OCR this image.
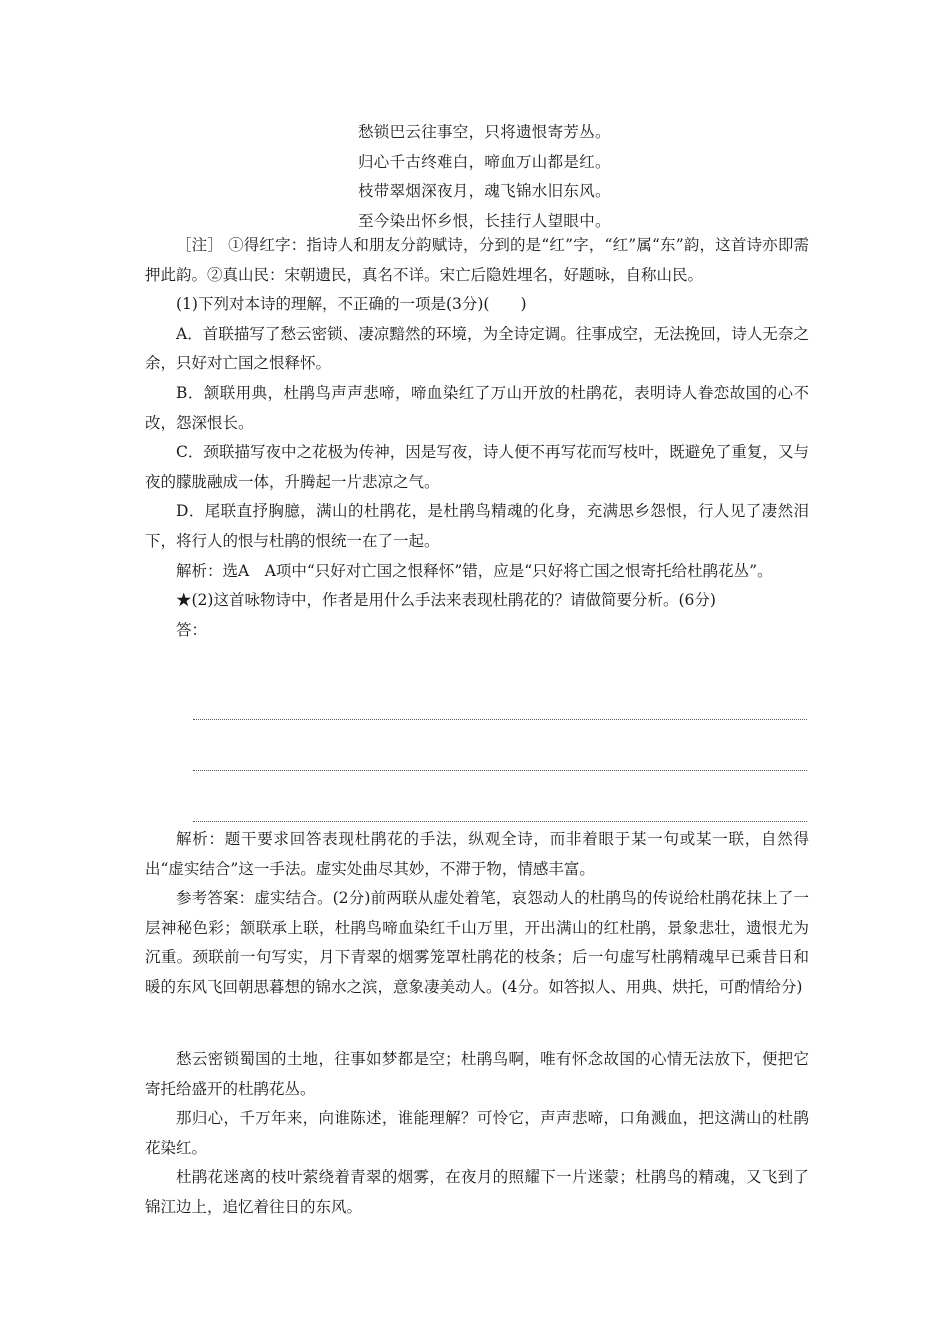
愁锁巴云往事空，只将遗恨寄芳丛。
归心千古终难白，啼血万山都是红。
枝带翠烟深夜月，魂飞锦水旧东风。
至今染出怀乡恨，长挂行人望眼中。

［注］ ①得红字：指诗人和朋友分韵赋诗，分到的是“红”字，“红”属“东”韵，这首诗亦即需押此韵。②真山民：宋朝遗民，真名不详。宋亡后隐姓埋名，好题咏，自称山民。

(1)下列对本诗的理解，不正确的一项是(3分)(　　)

A．首联描写了愁云密锁、凄凉黯然的环境，为全诗定调。往事成空，无法挽回，诗人无奈之余，只好对亡国之恨释怀。

B．颔联用典，杜鹃鸟声声悲啼，啼血染红了万山开放的杜鹃花，表明诗人眷恋故国的心不改，怨深恨长。

C．颈联描写夜中之花极为传神，因是写夜，诗人便不再写花而写枝叶，既避免了重复，又与夜的朦胧融成一体，升腾起一片悲凉之气。

D．尾联直抒胸臆，满山的杜鹃花，是杜鹃鸟精魂的化身，充满思乡怨恨，行人见了凄然泪下，将行人的恨与杜鹃的恨统一在了一起。

解析：选A　A项中“只好对亡国之恨释怀”错，应是“只好将亡国之恨寄托给杜鹃花丛”。

★(2)这首咏物诗中，作者是用什么手法来表现杜鹃花的？请做简要分析。(6分)

答：

解析：题干要求回答表现杜鹃花的手法，纵观全诗，而非着眼于某一句或某一联，自然得出“虚实结合”这一手法。虚实处曲尽其妙，不滞于物，情感丰富。

参考答案：虚实结合。(2分)前两联从虚处着笔，哀怨动人的杜鹃鸟的传说给杜鹃花抹上了一层神秘色彩；颔联承上联，杜鹃鸟啼血染红千山万里，开出满山的红杜鹃，景象悲壮，遗恨尤为沉重。颈联前一句写实，月下青翠的烟雾笼罩杜鹃花的枝条；后一句虚写杜鹃精魂早已乘昔日和暖的东风飞回朝思暮想的锦水之滨，意象凄美动人。(4分。如答拟人、用典、烘托，可酌情给分)

愁云密锁蜀国的土地，往事如梦都是空；杜鹃鸟啊，唯有怀念故国的心情无法放下，便把它寄托给盛开的杜鹃花丛。

那归心，千万年来，向谁陈述，谁能理解？可怜它，声声悲啼，口角溅血，把这满山的杜鹃花染红。

杜鹃花迷离的枝叶萦绕着青翠的烟雾，在夜月的照耀下一片迷蒙；杜鹃鸟的精魂，又飞到了锦江边上，追忆着往日的东风。
